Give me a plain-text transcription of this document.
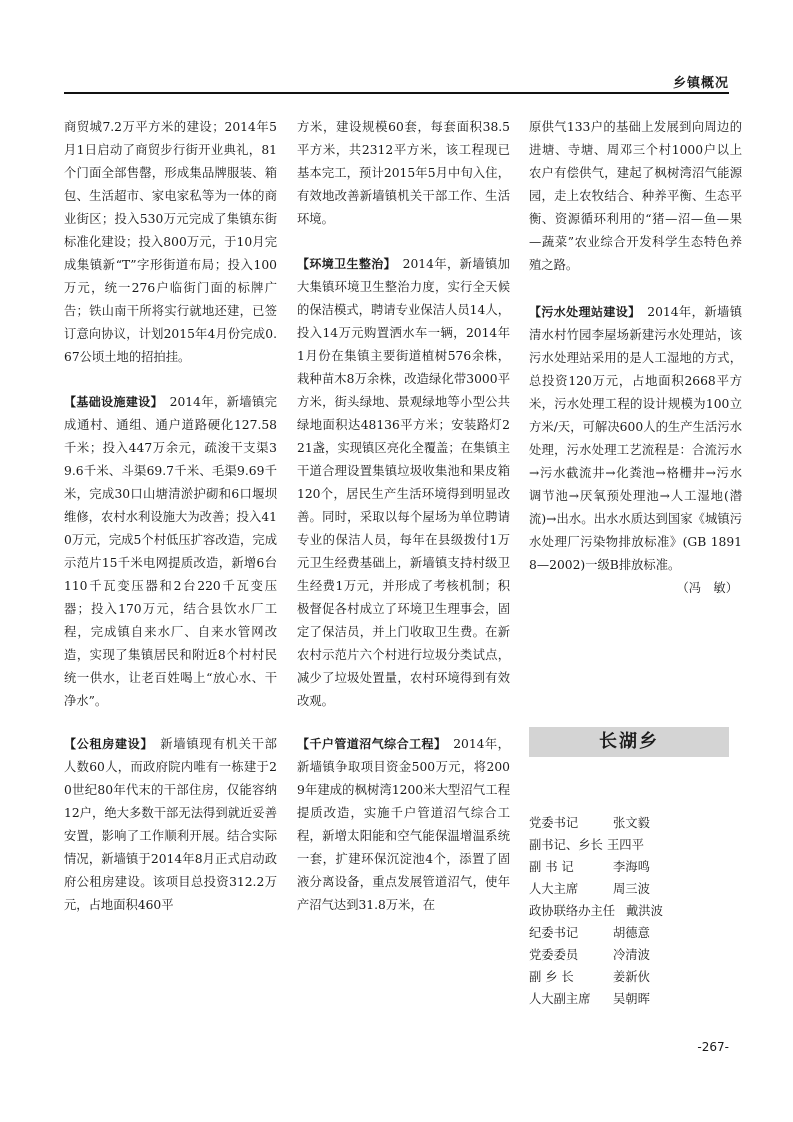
乡镇概况

商贸城7.2万平方米的建设；2014年5月1日启动了商贸步行街开业典礼，81个门面全部售罄，形成集品牌服装、箱包、生活超市、家电家私等为一体的商业街区；投入530万元完成了集镇东街标准化建设；投入800万元，于10月完成集镇新“T”字形街道布局；投入100万元，统一276户临街门面的标牌广告；铁山南干所将实行就地还建，已签订意向协议，计划2015年4月份完成0.67公顷土地的招拍挂。

【基础设施建设】　 2014年，新墙镇完成通村、通组、通户道路硬化127.58千米；投入447万余元，疏浚干支渠39.6千米、斗渠69.7千米、毛渠9.69千米，完成30口山塘清淤护砌和6口堰坝维修，农村水利设施大为改善；投入410万元，完成5个村低压扩容改造，完成示范片15千米电网提质改造，新增6台110千瓦变压器和2台220千瓦变压器；投入170万元，结合县饮水厂工程，完成镇自来水厂、自来水管网改造，实现了集镇居民和附近8个村村民统一供水，让老百姓喝上“放心水、干净水”。

【公租房建设】　 新墙镇现有机关干部人数60人，而政府院内唯有一栋建于20世纪80年代末的干部住房，仅能容纳12户，绝大多数干部无法得到就近妥善安置，影响了工作顺利开展。结合实际情况，新墙镇于2014年8月正式启动政府公租房建设。该项目总投资312.2万元，占地面积460平

方米，建设规模60套，每套面积38.5平方米，共2312平方米，该工程现已基本完工，预计2015年5月中旬入住，有效地改善新墙镇机关干部工作、生活环境。

【环境卫生整治】　 2014年，新墙镇加大集镇环境卫生整治力度，实行全天候的保洁模式，聘请专业保洁人员14人，投入14万元购置洒水车一辆，2014年1月份在集镇主要街道植树576余株，栽种苗木8万余株，改造绿化带3000平方米，街头绿地、景观绿地等小型公共绿地面积达48136平方米；安装路灯221盏，实现镇区亮化全覆盖；在集镇主干道合理设置集镇垃圾收集池和果皮箱120个，居民生产生活环境得到明显改善。同时，采取以每个屋场为单位聘请专业的保洁人员，每年在县级拨付1万元卫生经费基础上，新墙镇支持村级卫生经费1万元，并形成了考核机制；积极督促各村成立了环境卫生理事会，固定了保洁员，并上门收取卫生费。在新农村示范片六个村进行垃圾分类试点，减少了垃圾处置量，农村环境得到有效改观。

【千户管道沼气综合工程】　 2014年，新墙镇争取项目资金500万元，将2009年建成的枫树湾1200米大型沼气工程提质改造，实施千户管道沼气综合工程，新增太阳能和空气能保温增温系统一套，扩建环保沉淀池4个，添置了固液分离设备，重点发展管道沼气，使年产沼气达到31.8万米，在

原供气133户的基础上发展到向周边的进塘、寺塘、周邓三个村1000户以上农户有偿供气，建起了枫树湾沼气能源园，走上农牧结合、种养平衡、生态平衡、资源循环利用的“猪—沼—鱼—果—蔬菜”农业综合开发科学生态特色养殖之路。

【污水处理站建设】　 2014年，新墙镇清水村竹园李屋场新建污水处理站，该污水处理站采用的是人工湿地的方式，总投资120万元，占地面积2668平方米，污水处理工程的设计规模为100立方米/天，可解决600人的生产生活污水处理，污水处理工艺流程是：合流污水→污水截流井→化粪池→格栅井→污水调节池→厌氧预处理池→人工湿地(潜流)→出水。出水水质达到国家《城镇污水处理厂污染物排放标准》(GB 18918—2002)一级B排放标准。

（冯　敏）

长湖乡
党委书记	张文毅
副书记、乡长 王四平
副 书 记	李海鸣
人大主席	周三波
政协联络办主任 戴洪波
纪委书记	胡德意
党委委员	冷清波
副 乡 长	姜新伙
人大副主席 吴朝晖
-267-
